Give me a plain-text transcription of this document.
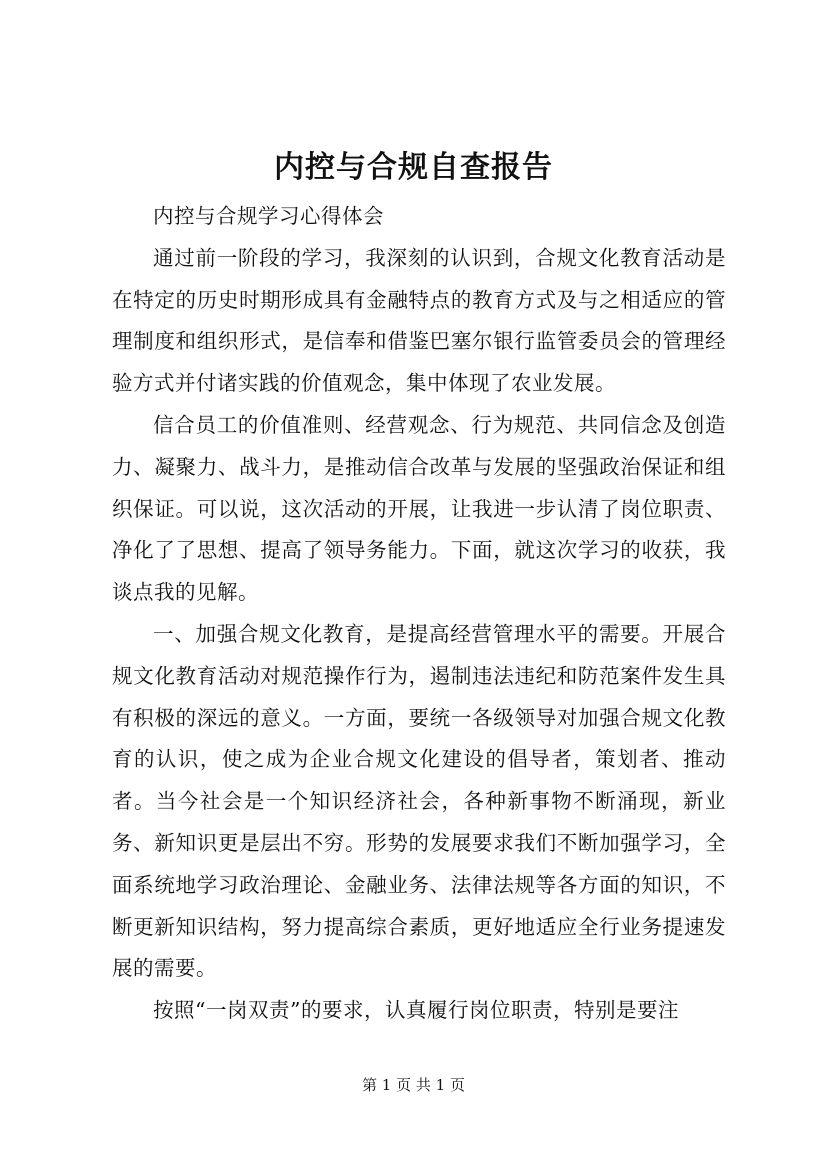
内控与合规自查报告

内控与合规学习心得体会

通过前一阶段的学习，我深刻的认识到，合规文化教育活动是在特定的历史时期形成具有金融特点的教育方式及与之相适应的管理制度和组织形式，是信奉和借鉴巴塞尔银行监管委员会的管理经验方式并付诸实践的价值观念，集中体现了农业发展。

信合员工的价值准则、经营观念、行为规范、共同信念及创造力、凝聚力、战斗力，是推动信合改革与发展的坚强政治保证和组织保证。可以说，这次活动的开展，让我进一步认清了岗位职责、净化了了思想、提高了领导务能力。下面，就这次学习的收获，我谈点我的见解。

一、加强合规文化教育，是提高经营管理水平的需要。开展合规文化教育活动对规范操作行为，遏制违法违纪和防范案件发生具有积极的深远的意义。一方面，要统一各级领导对加强合规文化教育的认识，使之成为企业合规文化建设的倡导者，策划者、推动者。当今社会是一个知识经济社会，各种新事物不断涌现，新业务、新知识更是层出不穷。形势的发展要求我们不断加强学习，全面系统地学习政治理论、金融业务、法律法规等各方面的知识，不断更新知识结构，努力提高综合素质，更好地适应全行业务提速发展的需要。

按照“一岗双责”的要求，认真履行岗位职责，特别是要注

第 1 页 共 1 页
